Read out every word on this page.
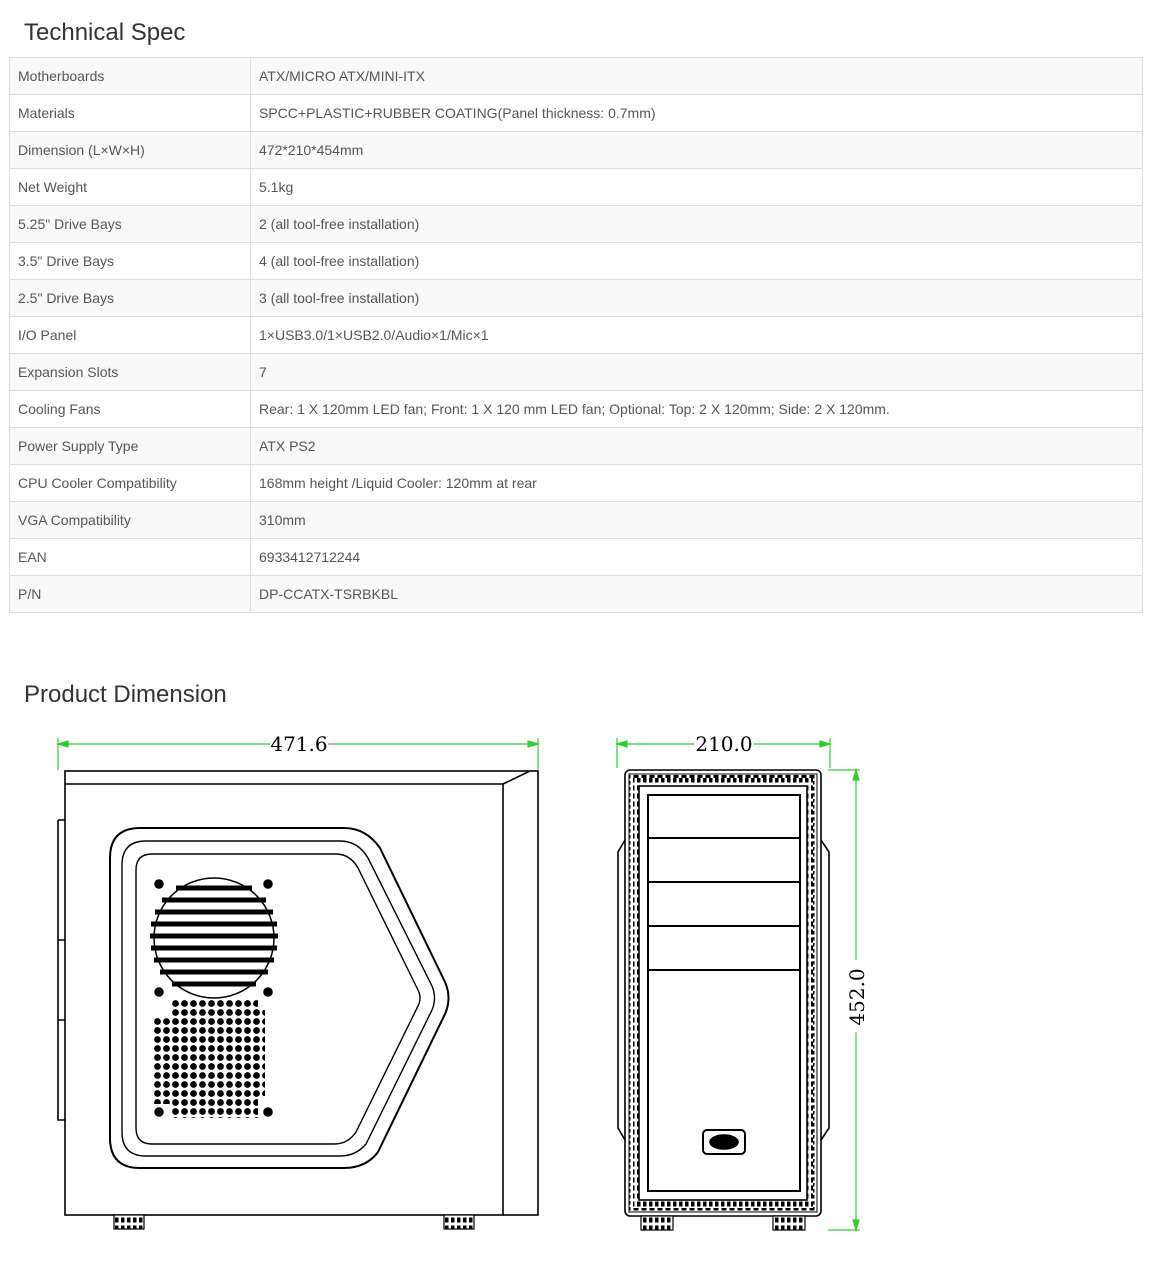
Technical Spec
Motherboards	ATX/MICRO ATX/MINI-ITX
Materials	SPCC+PLASTIC+RUBBER COATING(Panel thickness: 0.7mm)
Dimension (L×W×H)	472*210*454mm
Net Weight	5.1kg
5.25" Drive Bays	2 (all tool-free installation)
3.5" Drive Bays	4 (all tool-free installation)
2.5" Drive Bays	3 (all tool-free installation)
I/O Panel	1×USB3.0/1×USB2.0/Audio×1/Mic×1
Expansion Slots	7
Cooling Fans	Rear: 1 X 120mm LED fan; Front: 1 X 120 mm LED fan; Optional: Top: 2 X 120mm; Side: 2 X 120mm.
Power Supply Type	ATX PS2
CPU Cooler Compatibility	168mm height /Liquid Cooler: 120mm at rear
VGA Compatibility	310mm
EAN	6933412712244
P/N	DP-CCATX-TSRBKBL
Product Dimension
471.6	210.0
452.0
